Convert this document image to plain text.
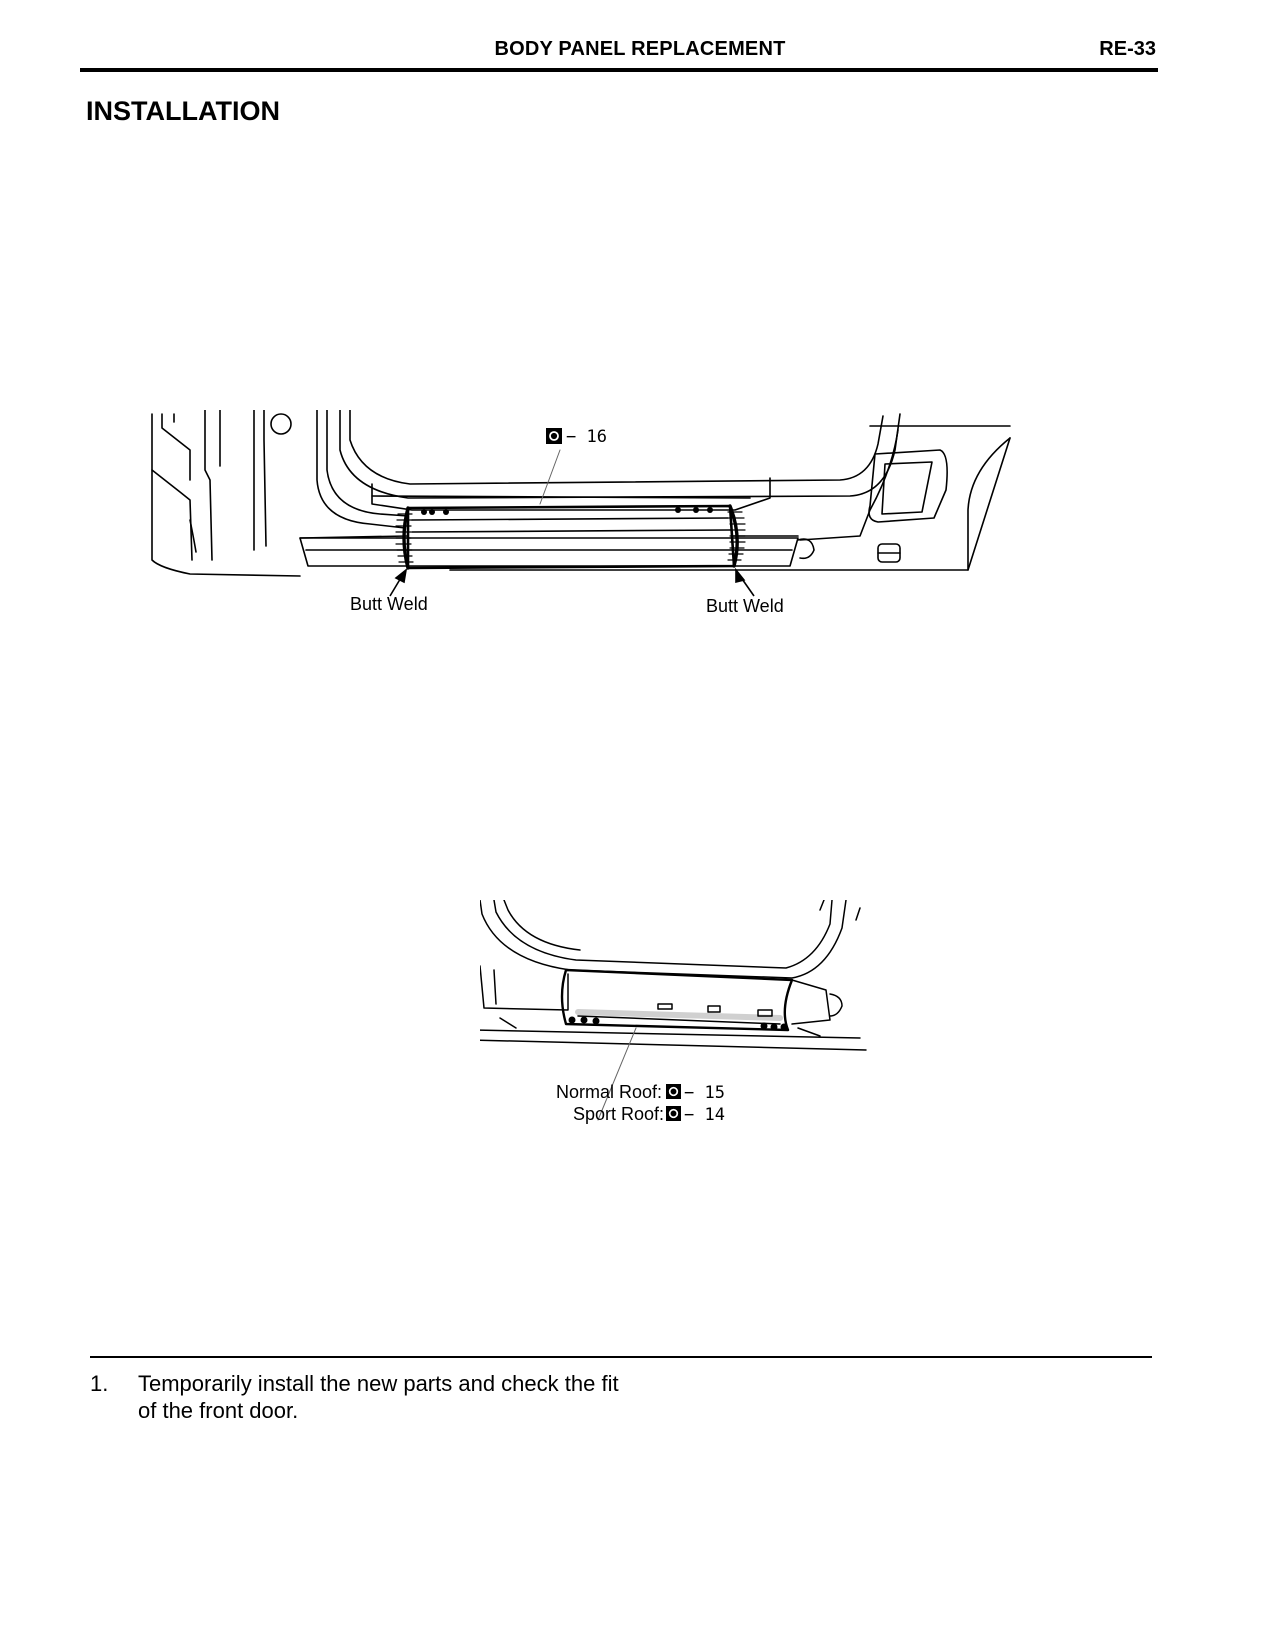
BODY PANEL REPLACEMENT	RE-33
INSTALLATION
− 16
Butt Weld	Butt Weld
Normal Roof: − 15
Sport Roof: − 14
1. Temporarily install the new parts and check the fit of the front door.
